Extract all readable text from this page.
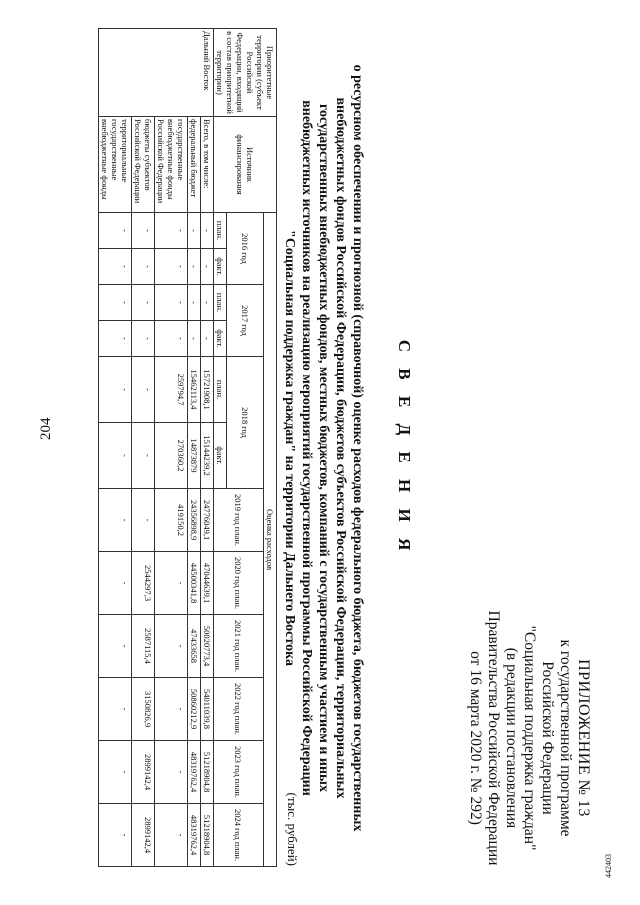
204
442403
ПРИЛОЖЕНИЕ № 13
к государственной программе
Российской Федерации
"Социальная поддержка граждан"
(в редакции постановления
Правительства Российской Федерации
от 16 марта 2020 г. № 292)
С В Е Д Е Н И Я
о ресурсном обеспечении и прогнозной (справочной) оценке расходов федерального бюджета, бюджетов государственных
внебюджетных фондов Российской Федерации, бюджетов субъектов Российской Федерации, территориальных
государственных внебюджетных фондов, местных бюджетов, компаний с государственным участием и иных
внебюджетных источников на реализацию мероприятий государственной программы Российской Федерации
"Социальная поддержка граждан" на территории Дальнего Востока
(тыс. рублей)
Приоритетные территории (субъект Российской Федерации, входящий в состав приоритетной территории)	Источник финансирования	Оценка расходов											
		2016 год		2017 год		2018 год		2019 год план.	2020 год план.	2021 год план.	2022 год план.	2023 год план.	2024 год план.
		план.	факт.	план.	факт.	план.	факт.						
Дальний Восток	Всего, в том числе:	-	-	-	-	15721908,1	15144239,2	24776049,1	47044639,1	50020773,4	54011039,8	51218904,8	51218904,8
	федеральный бюджет	-	-	-	-	15462113,4	14873879	24356898,9	44500341,8	47433658	50860212,9	48319762,4	48319762,4
	государственные внебюджетные фонды Российской Федерации	-	-	-	-	259794,7	270360,2	419150,2	-	-	-	-	-
	бюджеты субъектов Российской Федерации	-	-	-	-	-	-	-	2544297,3	2587115,4	3150826,9	2899142,4	2899142,4
	территориальные государственные внебюджетные фонды	-	-	-	-	-	-	-	-	-	-	-	-
